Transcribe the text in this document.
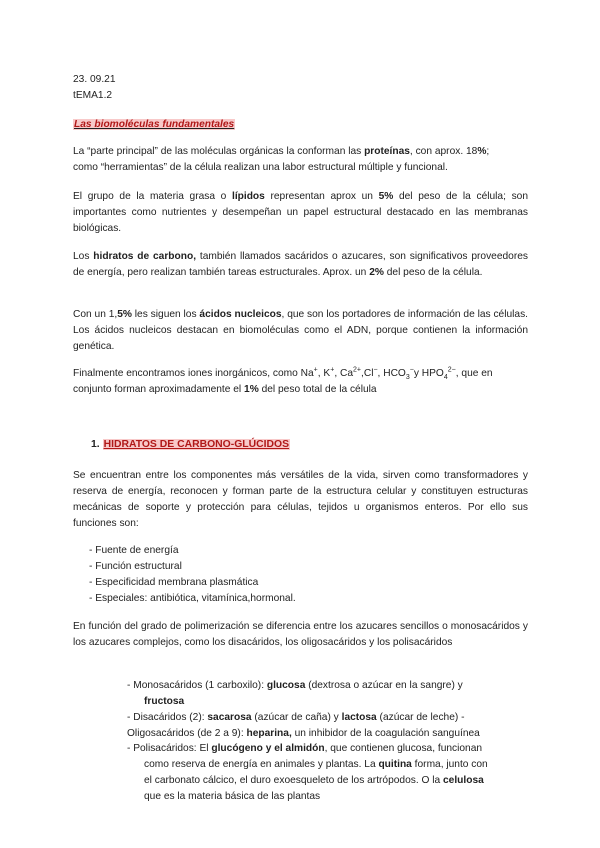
23. 09.21

tEMA1.2

Las biomoléculas fundamentales

La “parte principal” de las moléculas orgánicas la conforman las proteínas, con aprox. 18%;
como “herramientas” de la célula realizan una labor estructural múltiple y funcional.

El grupo de la materia grasa o lípidos representan aprox un 5% del peso de la célula; son importantes como nutrientes y desempeñan un papel estructural destacado en las membranas biológicas.

Los hidratos de carbono, también llamados sacáridos o azucares, son significativos proveedores de energía, pero realizan también tareas estructurales. Aprox. un 2% del peso de la célula.

Con un 1,5% les siguen los ácidos nucleicos, que son los portadores de información de las células. Los ácidos nucleicos destacan en biomoléculas como el ADN, porque contienen la información genética.

Finalmente encontramos iones inorgánicos, como Na+, K+, $Ca^{2+},Cl^-$, $HCO_3^-y$ $HPO_4^{2-}$, que en
conjunto forman aproximadamente el 1% del peso total de la célula

1. HIDRATOS DE CARBONO-GLÚCIDOS

Se encuentran entre los componentes más versátiles de la vida, sirven como transformadores y reserva de energía, reconocen y forman parte de la estructura celular y constituyen estructuras mecánicas de soporte y protección para células, tejidos u organismos enteros. Por ello sus funciones son:

- Fuente de energía
- Función estructural
- Especificidad membrana plasmática
- Especiales: antibiótica, vitamínica,hormonal.

En función del grado de polimerización se diferencia entre los azucares sencillos o monosacáridos y los azucares complejos, como los disacáridos, los oligosacáridos y los polisacáridos

- Monosacáridos (1 carboxilo): glucosa (dextrosa o azúcar en la sangre) y
fructosa

- Disacáridos (2): sacarosa (azúcar de caña) y lactosa (azúcar de leche) -

Oligosacáridos (de 2 a 9): heparina, un inhibidor de la coagulación sanguínea

- Polisacáridos: El glucógeno y el almidón, que contienen glucosa, funcionan
como reserva de energía en animales y plantas. La quitina forma, junto con
el carbonato cálcico, el duro exoesqueleto de los artrópodos. O la celulosa
que es la materia básica de las plantas
